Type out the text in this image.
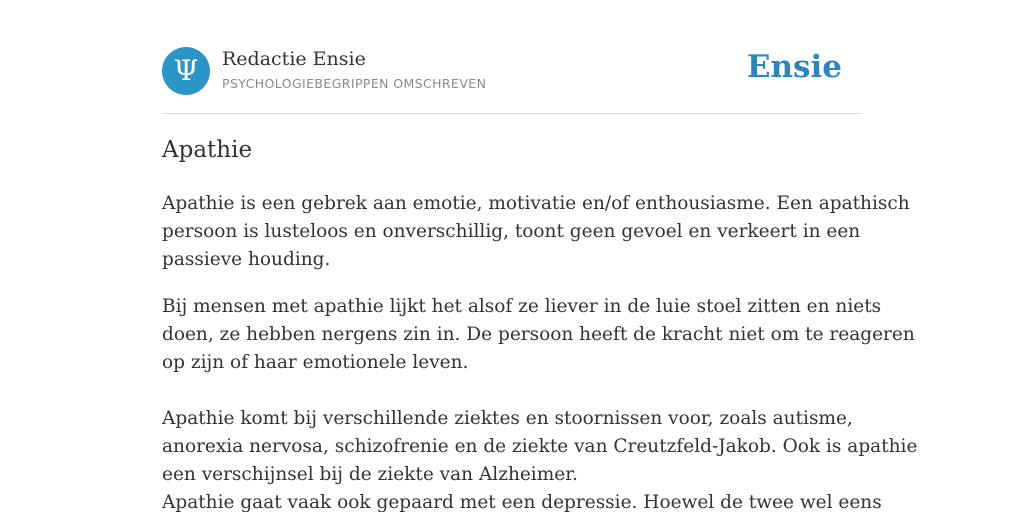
Ψ	Redactie Ensie
PSYCHOLOGIEBEGRIPPEN OMSCHREVEN	Ensie
Apathie

Apathie is een gebrek aan emotie, motivatie en/of enthousiasme. Een apathisch

persoon is lusteloos en onverschillig, toont geen gevoel en verkeert in een

passieve houding.

Bij mensen met apathie lijkt het alsof ze liever in de luie stoel zitten en niets

doen, ze hebben nergens zin in. De persoon heeft de kracht niet om te reageren

op zijn of haar emotionele leven.

Apathie komt bij verschillende ziektes en stoornissen voor, zoals autisme,

anorexia nervosa, schizofrenie en de ziekte van Creutzfeld-Jakob. Ook is apathie

een verschijnsel bij de ziekte van Alzheimer.

Apathie gaat vaak ook gepaard met een depressie. Hoewel de twee wel eens
